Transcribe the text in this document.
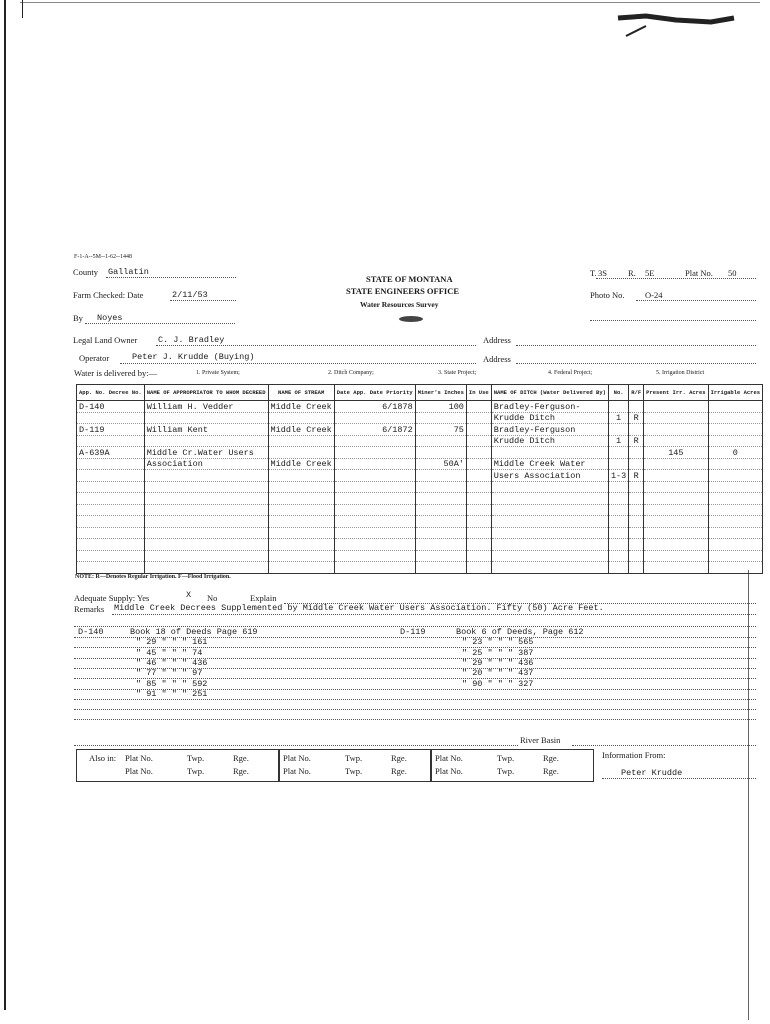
F-1-A--5M--1-62--1448
County Gallatin
Farm Checked: Date	2/11/53
By Noyes
STATE OF MONTANA
STATE ENGINEERS OFFICE
Water Resources Survey
T. 3S R. 5E	Plat No. 50
Photo No. O-24
Legal Land Owner C. J. Bradley	Address
Operator	Peter J. Krudde (Buying)	Address
Water is delivered by:—	1. Private System;	2. Ditch Company;	3. State Project;	4. Federal Project;	5. Irrigation District
App. No. Decree No.	NAME OF APPROPRIATOR TO WHOM DECREED	NAME OF STREAM	Date App. Date Priority	Miner's Inches	In Use	NAME OF DITCH (Water Delivered By)	No.	R/F	Present Irr. Acres	Irrigable Acres
D-140	William H. Vedder	Middle Creek	6/1878	100		Bradley-Ferguson-				
						Krudde Ditch	1	R		
D-119	William Kent	Middle Creek	6/1872	75		Bradley-Ferguson				
						Krudde Ditch	1	R		
A-639A	Middle Cr.Water Users								145	0
	Association	Middle Creek		50A'		Middle Creek Water				
						Users Association	1-3	R		

NOTE: R—Denotes Regular Irrigation. F—Flood Irrigation.
Adequate Supply: Yes	X No	Explain
Remarks Middle Creek Decrees Supplemented by Middle Creek Water Users Association. Fifty (50) Acre Feet.
D-140	Book 18 of Deeds Page 619
" 29 " " " 161
" 45 " " " 74
" 46 " " " 436
" 77 " " " 97
" 85 " " " 592
" 91 " " " 251
D-119	Book 6 of Deeds, Page 612
" 23 " " " 565
" 25 " " " 387
" 29 " " " 436
" 20 " " " 437
" 90 " " " 327
River Basin
Also in: Plat No.	Twp.	Rge.
Plat No.	Twp.	Rge.
Plat No.	Twp.	Rge.
Plat No.	Twp.	Rge.
Plat No.	Twp.	Rge.
Plat No.	Twp.	Rge.
Information From:
Peter Krudde
